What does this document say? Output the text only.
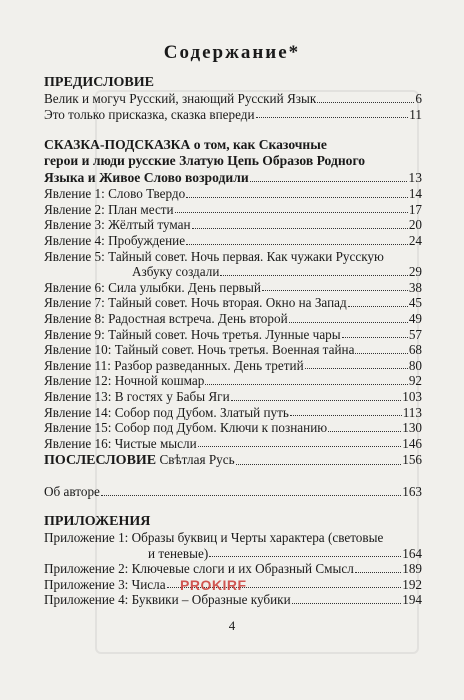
Содержание*
ПРЕДИСЛОВИЕ
Велик и могуч Русский, знающий Русский Язык	6
Это только присказка, сказка впереди	11
СКАЗКА-ПОДСКАЗКА о том, как Сказочные
герои и люди русские Златую Цепь Образов Родного
Языка и Живое Слово возродили	13
Явление 1: Слово Твердо	14
Явление 2: План мести	17
Явление 3: Жёлтый туман	20
Явление 4: Пробуждение	24
Явление 5: Тайный совет. Ночь первая. Как чужаки Русскую
Азбуку создали	29
Явление 6: Сила улыбки. День первый	38
Явление 7: Тайный совет. Ночь вторая. Окно на Запад	45
Явление 8: Радостная встреча. День второй	49
Явление 9: Тайный совет. Ночь третья. Лунные чары	57
Явление 10: Тайный совет. Ночь третья. Военная тайна	68
Явление 11: Разбор разведанных. День третий	80
Явление 12: Ночной кошмар	92
Явление 13: В гостях у Бабы Яги	103
Явление 14: Собор под Дубом. Златый путь	113
Явление 15: Собор под Дубом. Ключи к познанию	130
Явление 16: Чистые мысли	146
ПОСЛЕСЛОВИЕ Свѣтлая Русь	156
Об авторе	163
ПРИЛОЖЕНИЯ
Приложение 1: Образы буквиц и Черты характера (световые
и теневые)	164
Приложение 2: Ключевые слоги и их Образный Смысл	189
Приложение 3: Числа	192
Приложение 4: Буквики – Образные кубики	194
PROKIRF
4
